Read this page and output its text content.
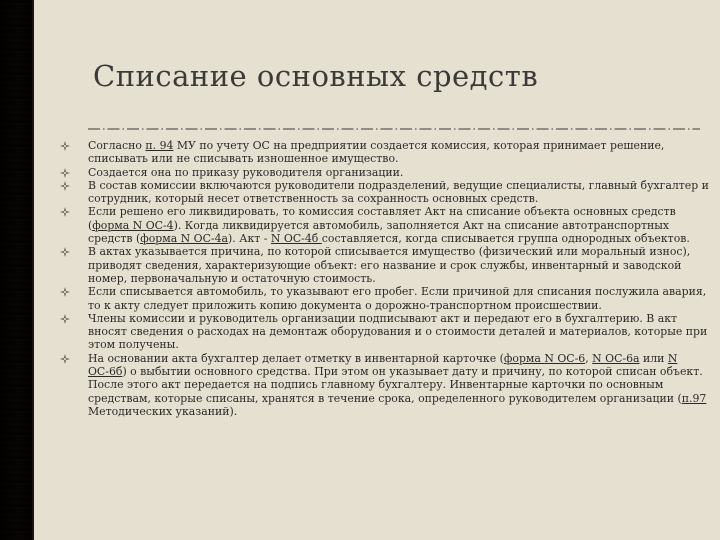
Списание основных средств
Согласно п. 94 МУ по учету ОС на предприятии создается комиссия, которая принимает решение, списывать или не списывать изношенное имущество.
Создается она по приказу руководителя организации.
В состав комиссии включаются руководители подразделений, ведущие специалисты, главный бухгалтер и сотрудник, который несет ответственность за сохранность основных средств.
Если решено его ликвидировать, то комиссия составляет Акт на списание объекта основных средств (форма N ОС-4). Когда ликвидируется автомобиль, заполняется Акт на списание автотранспортных средств (форма N ОС-4а). Акт - N ОС-4б составляется, когда списывается группа однородных объектов.
В актах указывается причина, по которой списывается имущество (физический или моральный износ), приводят сведения, характеризующие объект: его название и срок службы, инвентарный и заводской номер, первоначальную и остаточную стоимость.
Если списывается автомобиль, то указывают его пробег. Если причиной для списания послужила авария, то к акту следует приложить копию документа о дорожно-транспортном происшествии.
Члены комиссии и руководитель организации подписывают акт и передают его в бухгалтерию. В акт вносят сведения о расходах на демонтаж оборудования и о стоимости деталей и материалов, которые при этом получены.
На основании акта бухгалтер делает отметку в инвентарной карточке (форма N ОС-6, N ОС-6а или N ОС-6б) о выбытии основного средства. При этом он указывает дату и причину, по которой списан объект. После этого акт передается на подпись главному бухгалтеру. Инвентарные карточки по основным средствам, которые списаны, хранятся в течение срока, определенного руководителем организации (п.97 Методических указаний).
